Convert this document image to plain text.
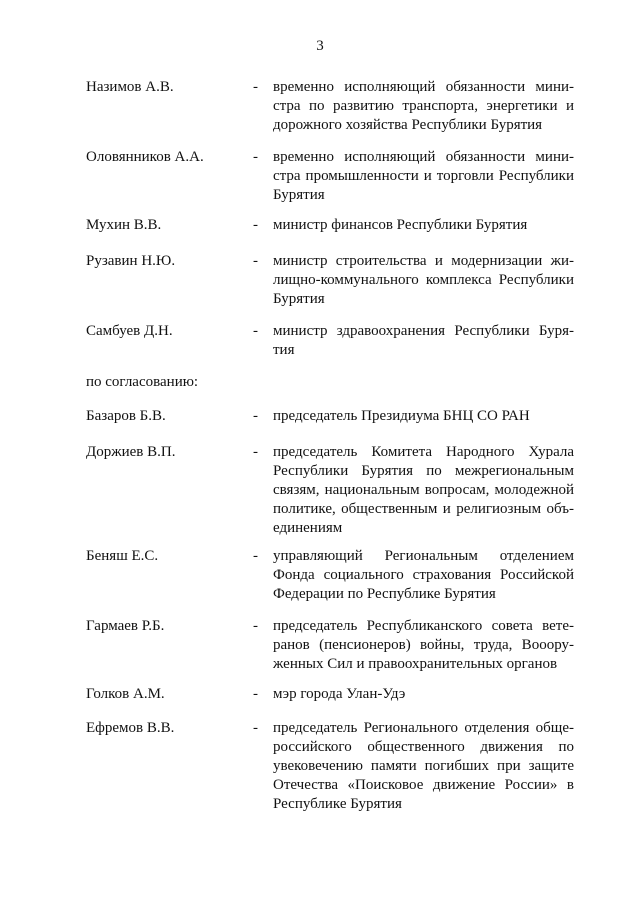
3
по согласованию:
Назимов А.В.	- временно исполняющий обязанности мини-
стра по развитию транспорта, энергетики и
дорожного хозяйства Республики Бурятия
Оловянников А.А.	- временно исполняющий обязанности мини-
стра промышленности и торговли Республики
Бурятия
Мухин В.В.	- министр финансов Республики Бурятия
Рузавин Н.Ю.	- министр строительства и модернизации жи-
лищно-коммунального комплекса Республики
Бурятия
Самбуев Д.Н.	- министр здравоохранения Республики Буря-
тия
Базаров Б.В.	- председатель Президиума БНЦ СО РАН
Доржиев В.П.	- председатель Комитета Народного Хурала
Республики Бурятия по межрегиональным
связям, национальным вопросам, молодежной
политике, общественным и религиозным объ-
единениям
Беняш Е.С.	- управляющий Региональным отделением
Фонда социального страхования Российской
Федерации по Республике Бурятия
Гармаев Р.Б.	- председатель Республиканского совета вете-
ранов (пенсионеров) войны, труда, Вооору-
женных Сил и правоохранительных органов
Голков А.М.	- мэр города Улан-Удэ
Ефремов В.В.	- председатель Регионального отделения обще-
российского общественного движения по
увековечению памяти погибших при защите
Отечества «Поисковое движение России» в
Республике Бурятия
